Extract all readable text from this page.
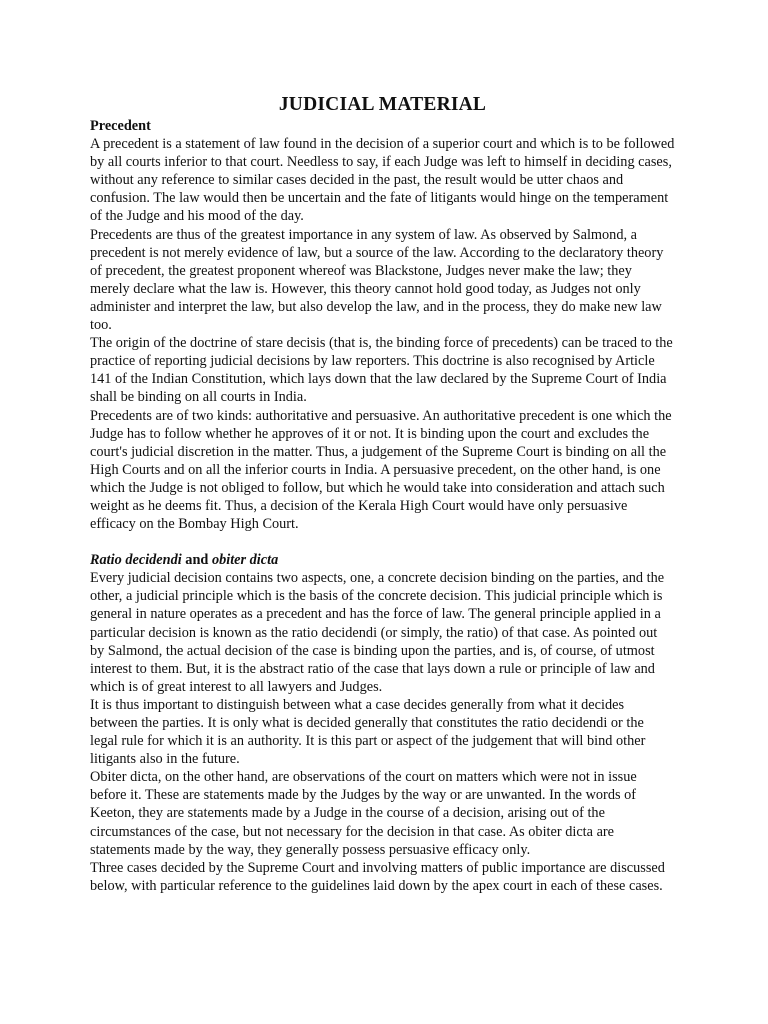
JUDICIAL MATERIAL
Precedent

A precedent is a statement of law found in the decision of a superior court and which is to be followed by all courts inferior to that court. Needless to say, if each Judge was left to himself in deciding cases, without any reference to similar cases decided in the past, the result would be utter chaos and confusion. The law would then be uncertain and the fate of litigants would hinge on the temperament of the Judge and his mood of the day.

Precedents are thus of the greatest importance in any system of law. As observed by Salmond, a precedent is not merely evidence of law, but a source of the law. According to the declaratory theory of precedent, the greatest proponent whereof was Blackstone, Judges never make the law; they merely declare what the law is. However, this theory cannot hold good today, as Judges not only administer and interpret the law, but also develop the law, and in the process, they do make new law too.

The origin of the doctrine of stare decisis (that is, the binding force of precedents) can be traced to the practice of reporting judicial decisions by law reporters. This doctrine is also recognised by Article 141 of the Indian Constitution, which lays down that the law declared by the Supreme Court of India shall be binding on all courts in India.

Precedents are of two kinds: authoritative and persuasive. An authoritative precedent is one which the Judge has to follow whether he approves of it or not. It is binding upon the court and excludes the court's judicial discretion in the matter. Thus, a judgement of the Supreme Court is binding on all the High Courts and on all the inferior courts in India. A persuasive precedent, on the other hand, is one which the Judge is not obliged to follow, but which he would take into consideration and attach such weight as he deems fit. Thus, a decision of the Kerala High Court would have only persuasive efficacy on the Bombay High Court.

Ratio decidendi and obiter dicta

Every judicial decision contains two aspects, one, a concrete decision binding on the parties, and the other, a judicial principle which is the basis of the concrete decision. This judicial principle which is general in nature operates as a precedent and has the force of law. The general principle applied in a particular decision is known as the ratio decidendi (or simply, the ratio) of that case. As pointed out by Salmond, the actual decision of the case is binding upon the parties, and is, of course, of utmost interest to them. But, it is the abstract ratio of the case that lays down a rule or principle of law and which is of great interest to all lawyers and Judges.

It is thus important to distinguish between what a case decides generally from what it decides between the parties. It is only what is decided generally that constitutes the ratio decidendi or the legal rule for which it is an authority. It is this part or aspect of the judgement that will bind other litigants also in the future.

Obiter dicta, on the other hand, are observations of the court on matters which were not in issue before it. These are statements made by the Judges by the way or are unwanted. In the words of Keeton, they are statements made by a Judge in the course of a decision, arising out of the circumstances of the case, but not necessary for the decision in that case. As obiter dicta are statements made by the way, they generally possess persuasive efficacy only.

Three cases decided by the Supreme Court and involving matters of public importance are discussed below, with particular reference to the guidelines laid down by the apex court in each of these cases.
